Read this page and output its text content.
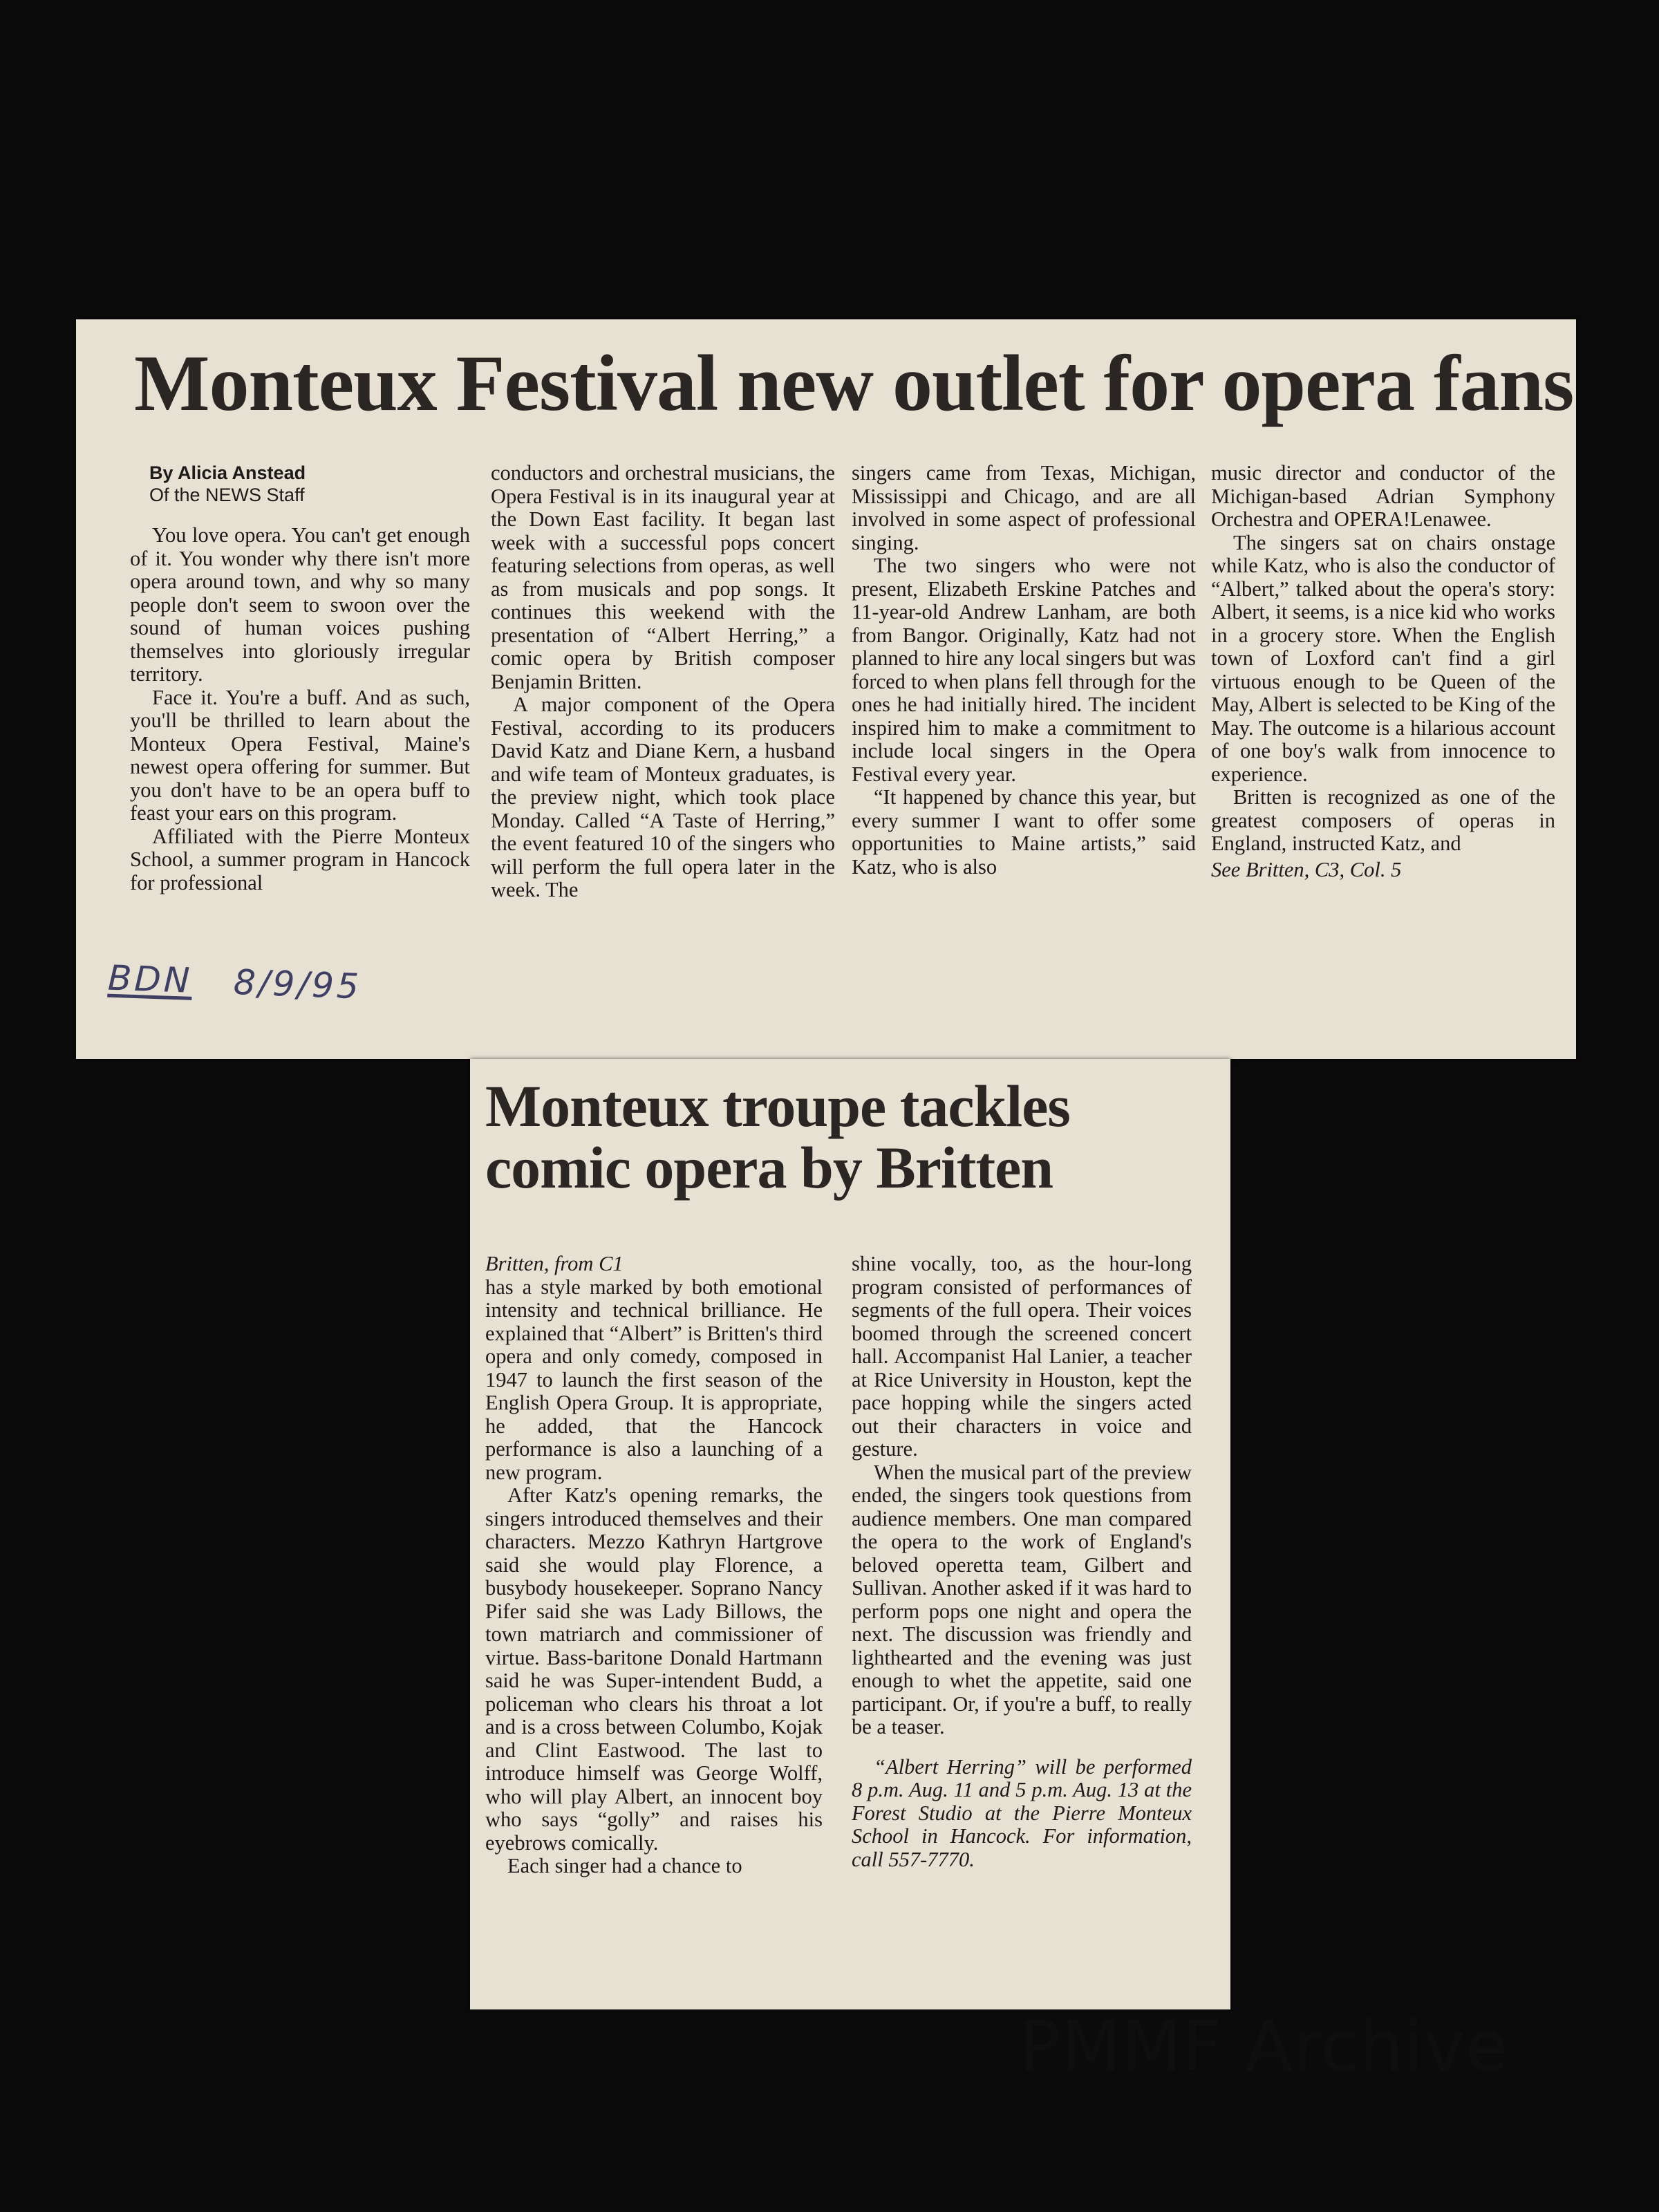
Monteux Festival new outlet for opera fans
By Alicia Anstead
Of the NEWS Staff

You love opera. You can't get enough of it. You wonder why there isn't more opera around town, and why so many people don't seem to swoon over the sound of human voices pushing themselves into gloriously irregular territory.

Face it. You're a buff. And as such, you'll be thrilled to learn about the Monteux Opera Festival, Maine's newest opera offering for summer. But you don't have to be an opera buff to feast your ears on this program.

Affiliated with the Pierre Monteux School, a summer program in Hancock for professional

conductors and orchestral musicians, the Opera Festival is in its inaugural year at the Down East facility. It began last week with a successful pops concert featuring selections from operas, as well as from musicals and pop songs. It continues this weekend with the presentation of “Albert Herring,” a comic opera by British composer Benjamin Britten.

A major component of the Opera Festival, according to its producers David Katz and Diane Kern, a husband and wife team of Monteux graduates, is the preview night, which took place Monday. Called “A Taste of Herring,” the event featured 10 of the singers who will perform the full opera later in the week. The

singers came from Texas, Michigan, Mississippi and Chicago, and are all involved in some aspect of professional singing.

The two singers who were not present, Elizabeth Erskine Patches and 11-year-old Andrew Lanham, are both from Bangor. Originally, Katz had not planned to hire any local singers but was forced to when plans fell through for the ones he had initially hired. The incident inspired him to make a commitment to include local singers in the Opera Festival every year.

“It happened by chance this year, but every summer I want to offer some opportunities to Maine artists,” said Katz, who is also

music director and conductor of the Michigan-based Adrian Symphony Orchestra and OPERA!Lenawee.

The singers sat on chairs onstage while Katz, who is also the conductor of “Albert,” talked about the opera's story: Albert, it seems, is a nice kid who works in a grocery store. When the English town of Loxford can't find a girl virtuous enough to be Queen of the May, Albert is selected to be King of the May. The outcome is a hilarious account of one boy's walk from innocence to experience.

Britten is recognized as one of the greatest composers of operas in England, instructed Katz, and

See Britten, C3, Col. 5

BDN 8/9/95
Monteux troupe tackles
comic opera by Britten

Britten, from C1

has a style marked by both emotional intensity and technical brilliance. He explained that “Albert” is Britten's third opera and only comedy, composed in 1947 to launch the first season of the English Opera Group. It is appropriate, he added, that the Hancock performance is also a launching of a new program.

After Katz's opening remarks, the singers introduced themselves and their characters. Mezzo Kathryn Hartgrove said she would play Florence, a busybody housekeeper. Soprano Nancy Pifer said she was Lady Billows, the town matriarch and commissioner of virtue. Bass-baritone Donald Hartmann said he was Super-intendent Budd, a policeman who clears his throat a lot and is a cross between Columbo, Kojak and Clint Eastwood. The last to introduce himself was George Wolff, who will play Albert, an innocent boy who says “golly” and raises his eyebrows comically.

Each singer had a chance to

shine vocally, too, as the hour-long program consisted of performances of segments of the full opera. Their voices boomed through the screened concert hall. Accompanist Hal Lanier, a teacher at Rice University in Houston, kept the pace hopping while the singers acted out their characters in voice and gesture.

When the musical part of the preview ended, the singers took questions from audience members. One man compared the opera to the work of England's beloved operetta team, Gilbert and Sullivan. Another asked if it was hard to perform pops one night and opera the next. The discussion was friendly and lighthearted and the evening was just enough to whet the appetite, said one participant. Or, if you're a buff, to really be a teaser.

“Albert Herring” will be performed 8 p.m. Aug. 11 and 5 p.m. Aug. 13 at the Forest Studio at the Pierre Monteux School in Hancock. For information, call 557-7770.

PMMF Archive
